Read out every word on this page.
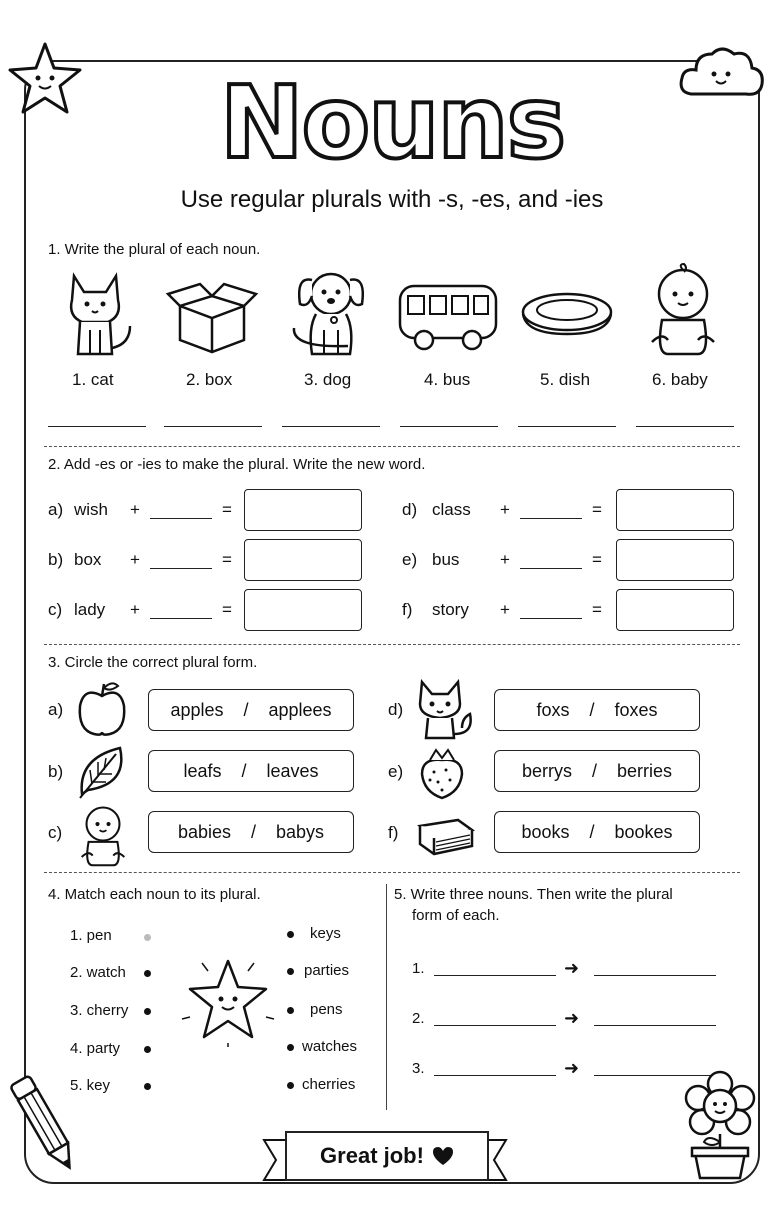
Nouns
Use regular plurals with -s, -es, and -ies
1. Write the plural of each noun.
1. cat	2. box	3. dog	4. bus	5. dish	6. baby
2. Add -es or -ies to make the plural. Write the new word.
a) wish +	=	d) class +	=
b) box +	=	e) bus +	=
c) lady +	=	f) story +	=
3. Circle the correct plural form.
a)	apples / applees
b)	leafs / leaves
c)	babies / babys
d)	foxs / foxes
e)	berrys / berries
f)	books / bookes
4. Match each noun to its plural.
1. pen
2. watch
3. cherry
4. party
5. key
keys
parties
pens
watches
cherries
5. Write three nouns. Then write the plural
form of each.
1.	➜
2.	➜
3.	➜
Great job!
